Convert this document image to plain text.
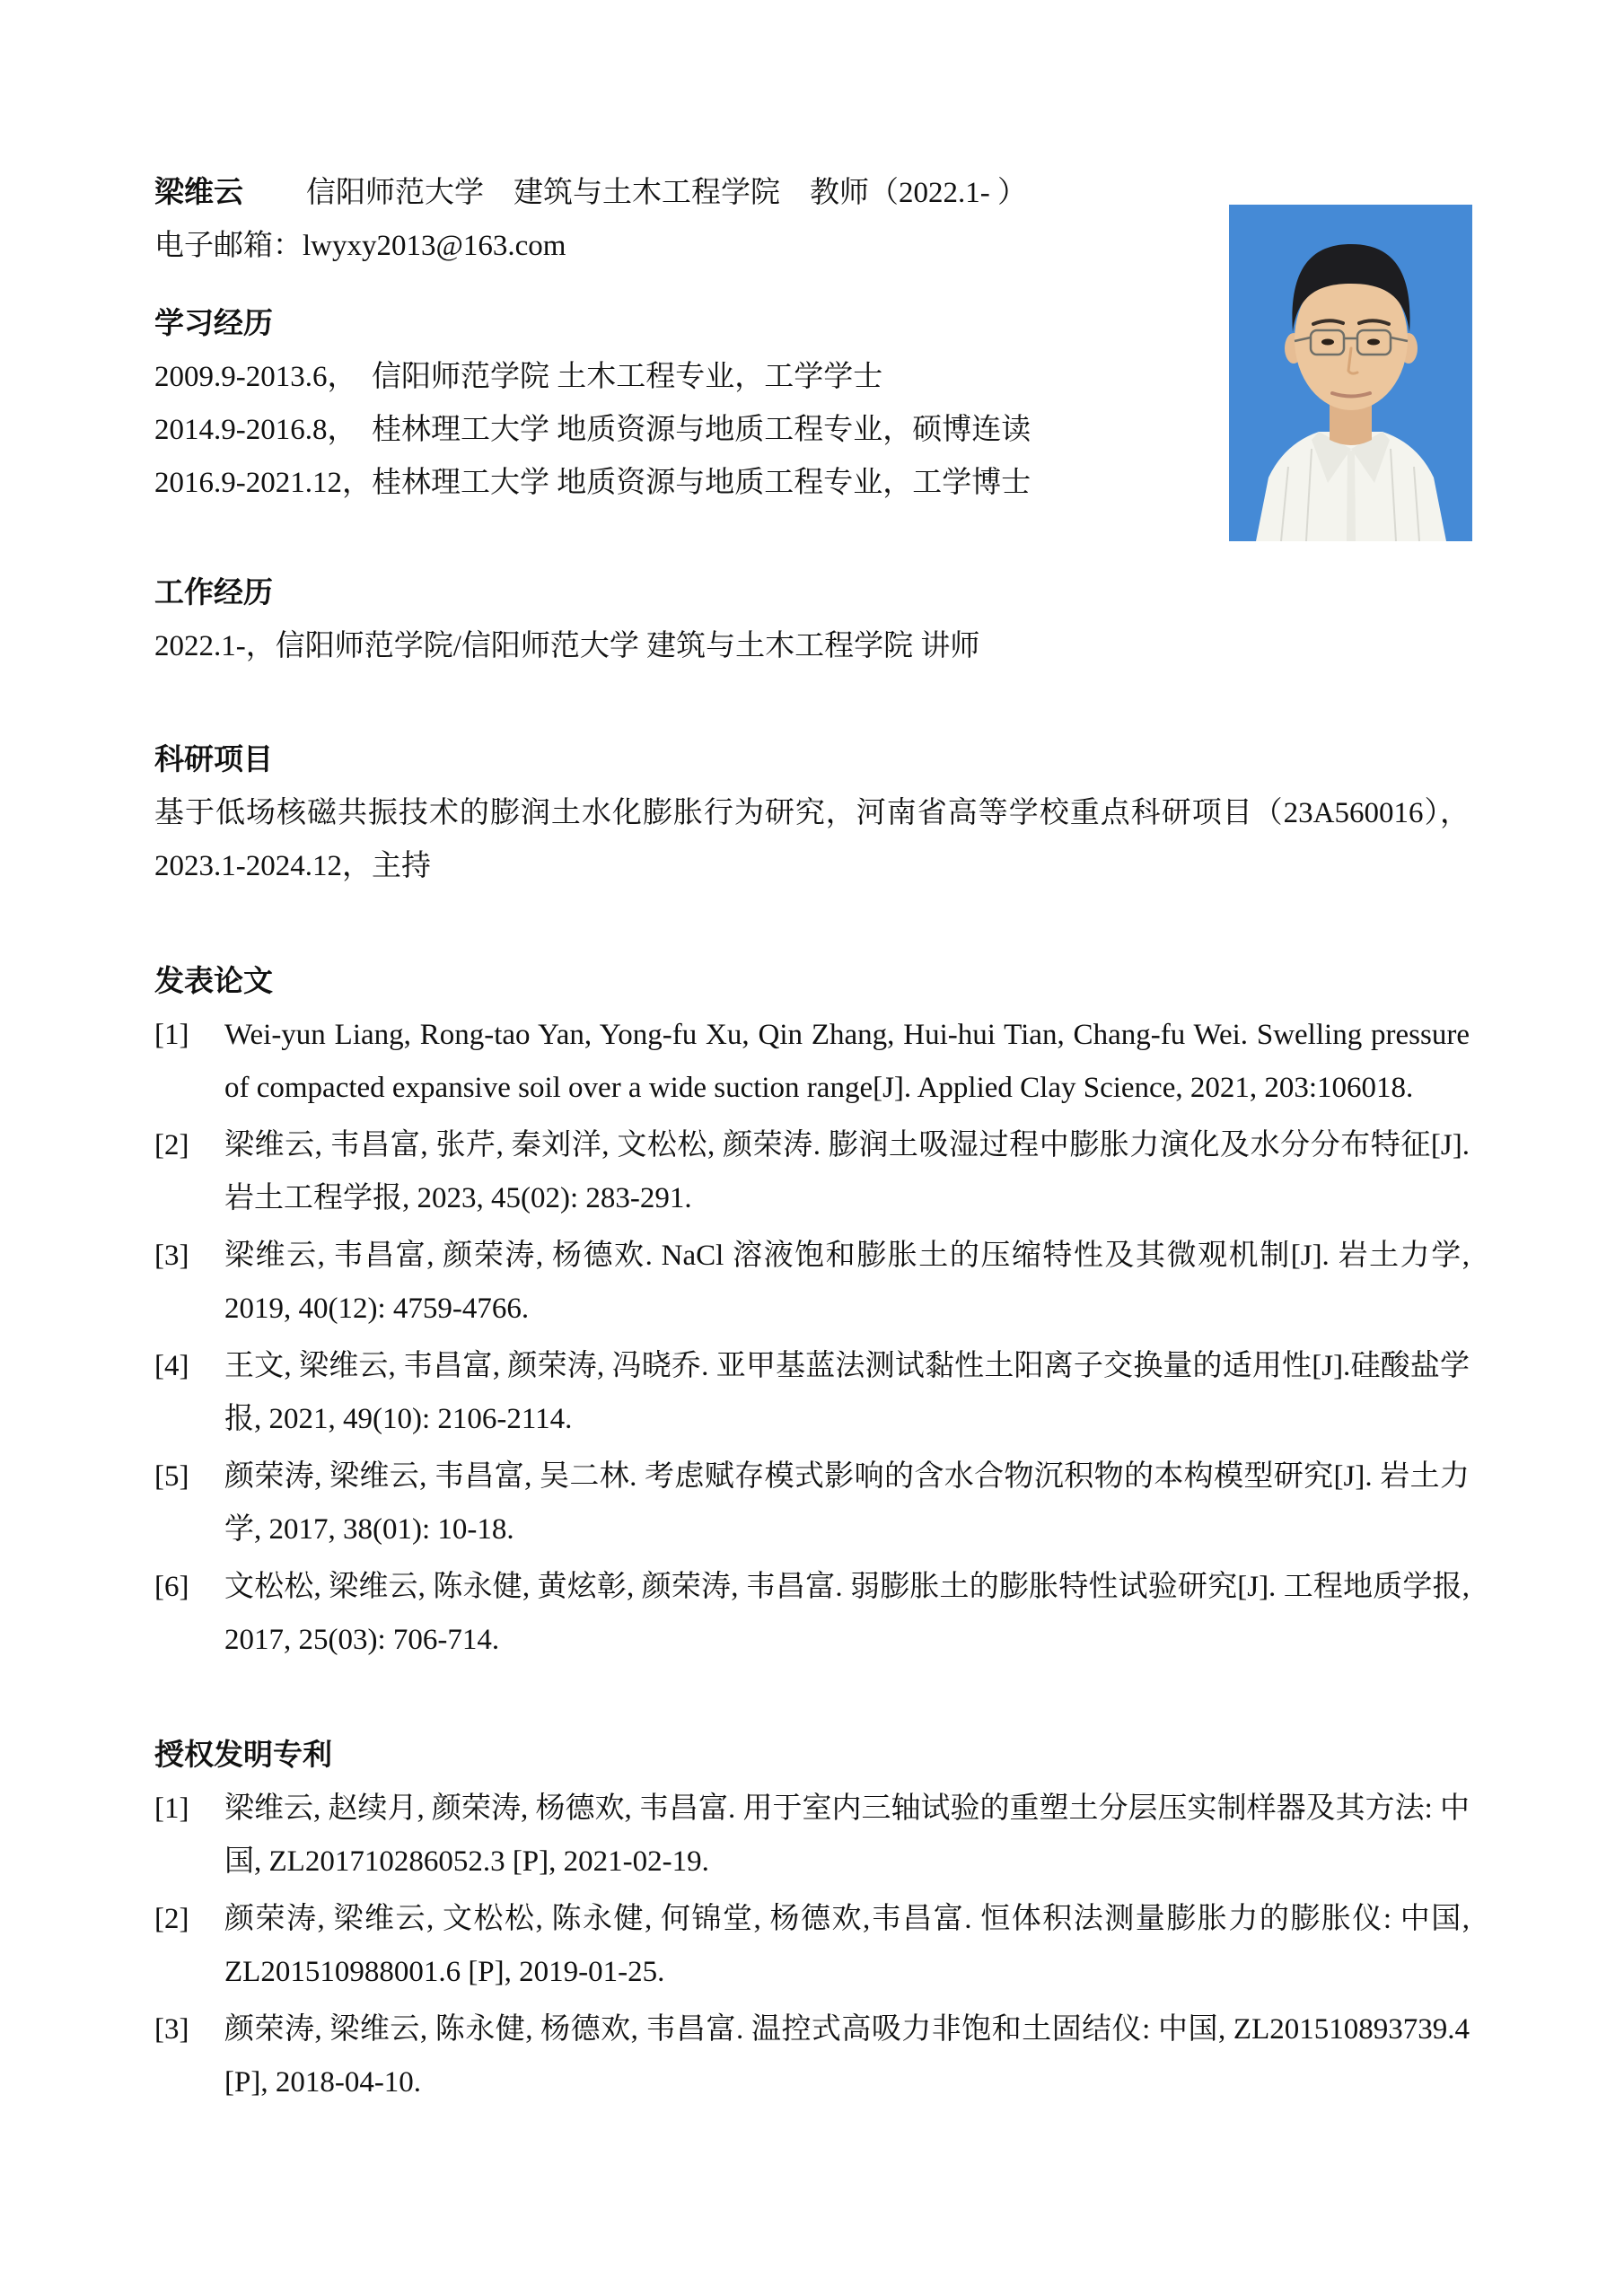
梁维云 信阳师范大学　建筑与土木工程学院　教师（2022.1- ）

电子邮箱：lwyxy2013@163.com

学习经历

2009.9-2013.6，　信阳师范学院 土木工程专业，工学学士

2014.9-2016.8，　桂林理工大学 地质资源与地质工程专业，硕博连读

2016.9-2021.12，桂林理工大学 地质资源与地质工程专业，工学博士

工作经历

2022.1-，信阳师范学院/信阳师范大学 建筑与土木工程学院 讲师

科研项目

基于低场核磁共振技术的膨润土水化膨胀行为研究，河南省高等学校重点科研项目（23A560016），2023.1-2024.12，主持

发表论文
[1] Wei-yun Liang, Rong-tao Yan, Yong-fu Xu, Qin Zhang, Hui-hui Tian, Chang-fu Wei. Swelling pressure of compacted expansive soil over a wide suction range[J]. Applied Clay Science, 2021, 203:106018.
[2] 梁维云, 韦昌富, 张芹, 秦刘洋, 文松松, 颜荣涛. 膨润土吸湿过程中膨胀力演化及水分分布特征[J]. 岩土工程学报, 2023, 45(02): 283-291.
[3] 梁维云, 韦昌富, 颜荣涛, 杨德欢. NaCl 溶液饱和膨胀土的压缩特性及其微观机制[J]. 岩土力学, 2019, 40(12): 4759-4766.
[4] 王文, 梁维云, 韦昌富, 颜荣涛, 冯晓乔. 亚甲基蓝法测试黏性土阳离子交换量的适用性[J].硅酸盐学报, 2021, 49(10): 2106-2114.
[5] 颜荣涛, 梁维云, 韦昌富, 吴二林. 考虑赋存模式影响的含水合物沉积物的本构模型研究[J]. 岩土力学, 2017, 38(01): 10-18.
[6] 文松松, 梁维云, 陈永健, 黄炫彰, 颜荣涛, 韦昌富. 弱膨胀土的膨胀特性试验研究[J]. 工程地质学报, 2017, 25(03): 706-714.
授权发明专利
[1] 梁维云, 赵续月, 颜荣涛, 杨德欢, 韦昌富. 用于室内三轴试验的重塑土分层压实制样器及其方法: 中国, ZL201710286052.3 [P], 2021-02-19.
[2] 颜荣涛, 梁维云, 文松松, 陈永健, 何锦堂, 杨德欢,韦昌富. 恒体积法测量膨胀力的膨胀仪: 中国, ZL201510988001.6 [P], 2019-01-25.
[3] 颜荣涛, 梁维云, 陈永健, 杨德欢, 韦昌富. 温控式高吸力非饱和土固结仪: 中国, ZL201510893739.4 [P], 2018-04-10.
